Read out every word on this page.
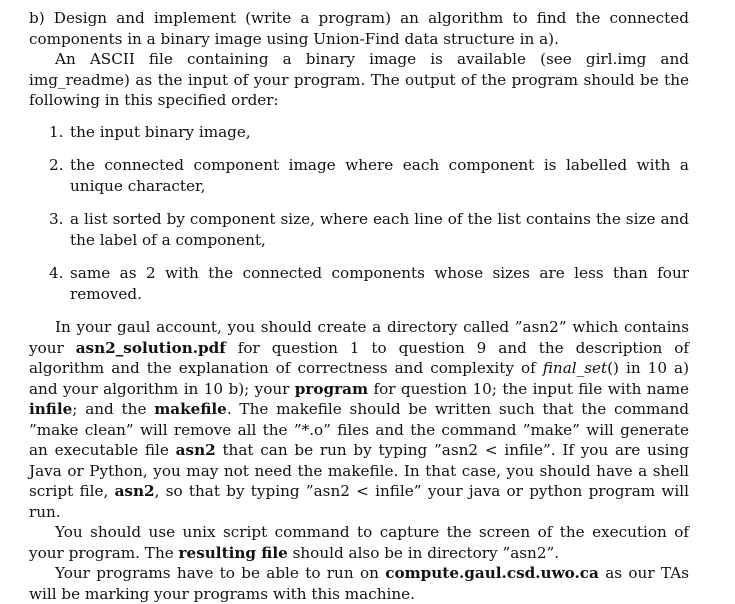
b) Design and implement (write a program) an algorithm to find the connected components in a binary image using Union-Find data structure in a).

An ASCII file containing a binary image is available (see girl.img and img_readme) as the input of your program. The output of the program should be the following in this specified order:

1. the input binary image,
2. the connected component image where each component is labelled with a unique character,
3. a list sorted by component size, where each line of the list contains the size and the label of a component,
4. same as 2 with the connected components whose sizes are less than four removed.

In your gaul account, you should create a directory called ”asn2” which contains your asn2_solution.pdf for question 1 to question 9 and the description of algorithm and the explanation of correctness and complexity of final_set() in 10 a) and your algorithm in 10 b); your program for question 10; the input file with name infile; and the makefile. The makefile should be written such that the command ”make clean” will remove all the ”*.o” files and the command ”make” will generate an executable file asn2 that can be run by typing ”asn2 < infile”. If you are using Java or Python, you may not need the makefile. In that case, you should have a shell script file, asn2, so that by typing ”asn2 < infile” your java or python program will run.

You should use unix script command to capture the screen of the execution of your program. The resulting file should also be in directory ”asn2”.

Your programs have to be able to run on compute.gaul.csd.uwo.ca as our TAs will be marking your programs with this machine.
